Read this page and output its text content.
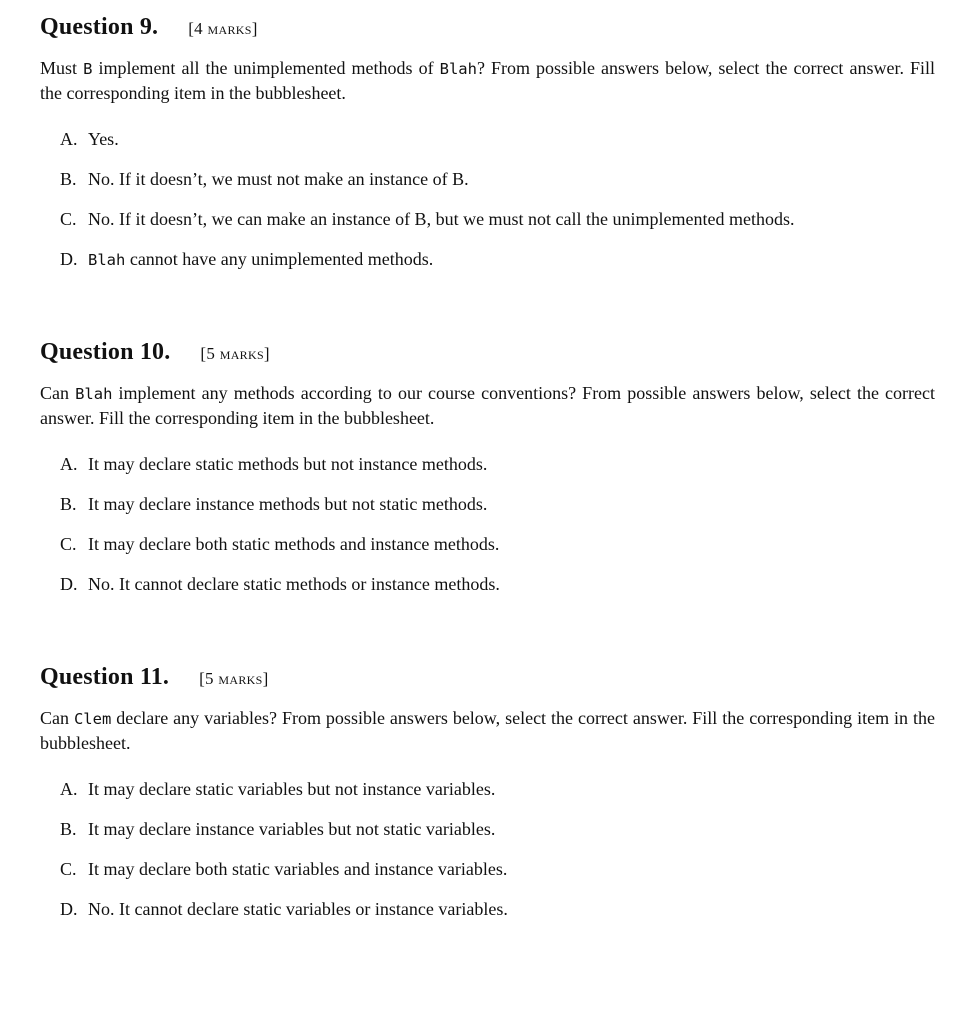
Question 9. [4 marks]

Must B implement all the unimplemented methods of Blah? From possible answers below, select the correct answer. Fill the corresponding item in the bubblesheet.

A. Yes.
B. No. If it doesn’t, we must not make an instance of B.
C. No. If it doesn’t, we can make an instance of B, but we must not call the unimplemented methods.
D. Blah cannot have any unimplemented methods.
Question 10. [5 marks]

Can Blah implement any methods according to our course conventions? From possible answers below, select the correct answer. Fill the corresponding item in the bubblesheet.

A. It may declare static methods but not instance methods.
B. It may declare instance methods but not static methods.
C. It may declare both static methods and instance methods.
D. No. It cannot declare static methods or instance methods.
Question 11. [5 marks]

Can Clem declare any variables? From possible answers below, select the correct answer. Fill the corresponding item in the bubblesheet.

A. It may declare static variables but not instance variables.
B. It may declare instance variables but not static variables.
C. It may declare both static variables and instance variables.
D. No. It cannot declare static variables or instance variables.
